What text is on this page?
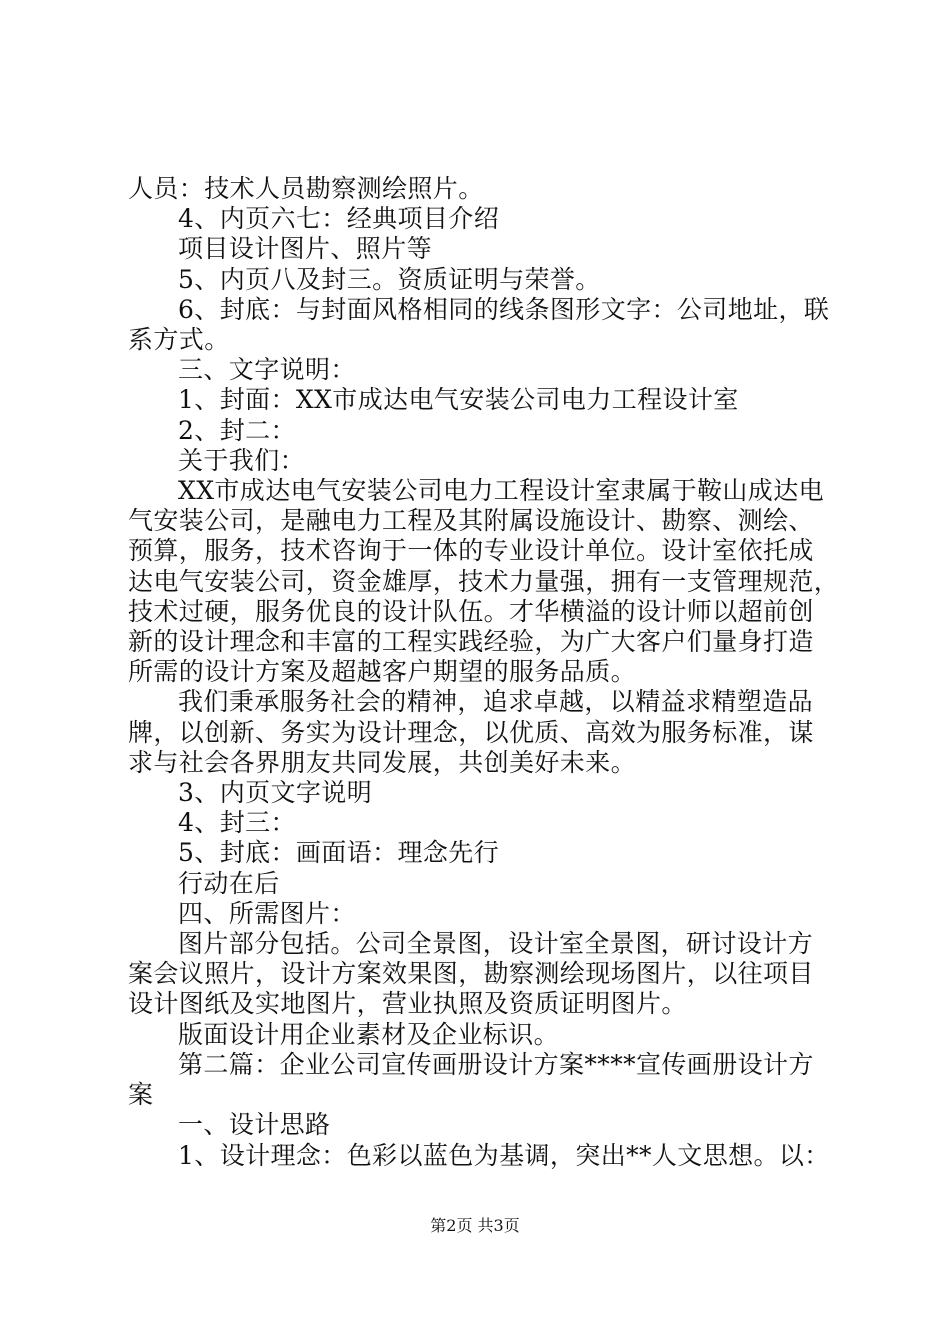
人员：技术人员勘察测绘照片。
4、内页六七：经典项目介绍
项目设计图片、照片等
5、内页八及封三。资质证明与荣誉。
6、封底：与封面风格相同的线条图形文字：公司地址，联
系方式。
三、文字说明：
1、封面：XX市成达电气安装公司电力工程设计室
2、封二：
关于我们：
XX市成达电气安装公司电力工程设计室隶属于鞍山成达电
气安装公司，是融电力工程及其附属设施设计、勘察、测绘、
预算，服务，技术咨询于一体的专业设计单位。设计室依托成
达电气安装公司，资金雄厚，技术力量强，拥有一支管理规范，
技术过硬，服务优良的设计队伍。才华横溢的设计师以超前创
新的设计理念和丰富的工程实践经验，为广大客户们量身打造
所需的设计方案及超越客户期望的服务品质。
我们秉承服务社会的精神，追求卓越，以精益求精塑造品
牌，以创新、务实为设计理念，以优质、高效为服务标准，谋
求与社会各界朋友共同发展，共创美好未来。
3、内页文字说明
4、封三：
5、封底：画面语：理念先行
行动在后
四、所需图片：
图片部分包括。公司全景图，设计室全景图，研讨设计方
案会议照片，设计方案效果图，勘察测绘现场图片，以往项目
设计图纸及实地图片，营业执照及资质证明图片。
版面设计用企业素材及企业标识。
第二篇：企业公司宣传画册设计方案****宣传画册设计方
案
一、设计思路
1、设计理念：色彩以蓝色为基调，突出**人文思想。以：
第2页 共3页
